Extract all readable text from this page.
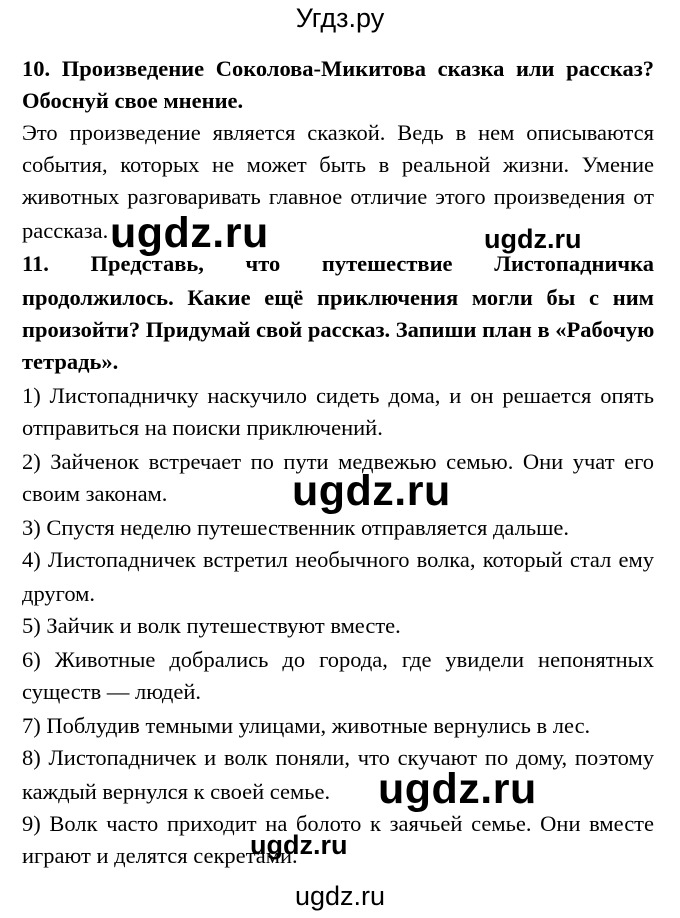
Угдз.ру
10. Произведение Соколова-Микитова сказка или рассказ?
Обоснуй свое мнение.
Это произведение является сказкой. Ведь в нем описываются
события, которых не может быть в реальной жизни. Умение
животных разговаривать главное отличие этого произведения от
рассказа.
11. Представь, что путешествие Листопадничка
продолжилось. Какие ещё приключения могли бы с ним
произойти? Придумай свой рассказ. Запиши план в «Рабочую
тетрадь».
1) Листопадничку наскучило сидеть дома, и он решается опять
отправиться на поиски приключений.
2) Зайченок встречает по пути медвежью семью. Они учат его
своим законам.
3) Спустя неделю путешественник отправляется дальше.
4) Листопадничек встретил необычного волка, который стал ему
другом.
5) Зайчик и волк путешествуют вместе.
6) Животные добрались до города, где увидели непонятных
существ — людей.
7) Поблудив темными улицами, животные вернулись в лес.
8) Листопадничек и волк поняли, что скучают по дому, поэтому
каждый вернулся к своей семье.
9) Волк часто приходит на болото к заячьей семье. Они вместе
играют и делятся секретами.
ugdz.ru	ugdz.ru
ugdz.ru
ugdz.ru
ugdz.ru
ugdz.ru
